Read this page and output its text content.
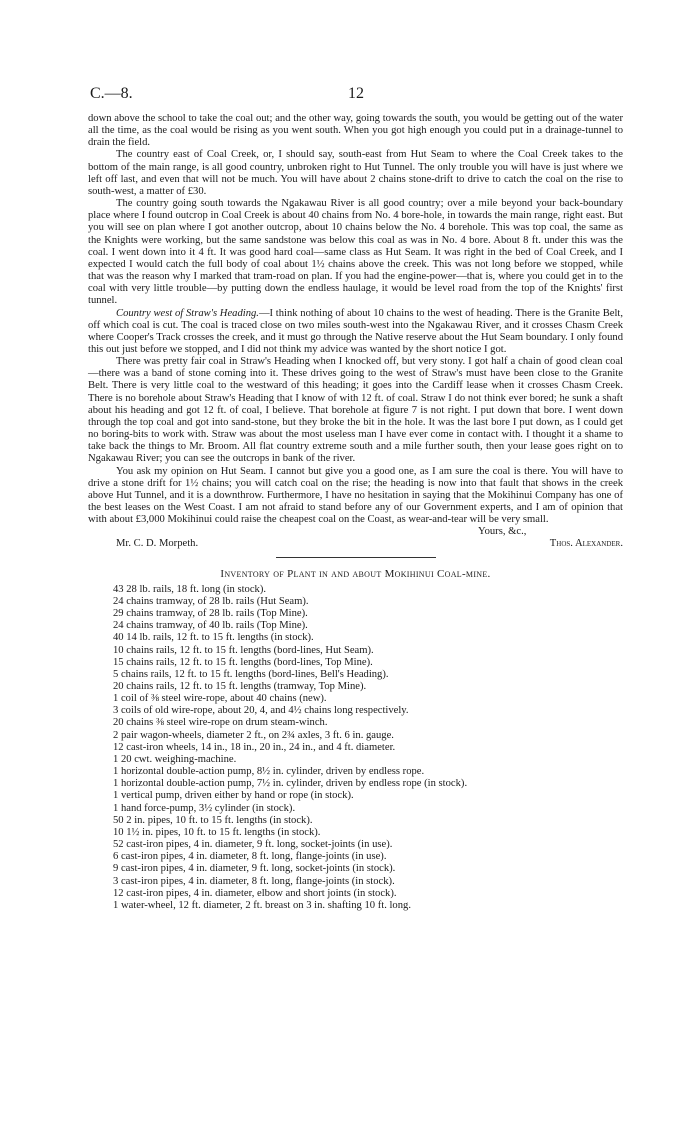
C.—8.	12

down above the school to take the coal out; and the other way, going towards the south, you would be getting out of the water all the time, as the coal would be rising as you went south. When you got high enough you could put in a drainage-tunnel to drain the field.

The country east of Coal Creek, or, I should say, south-east from Hut Seam to where the Coal Creek takes to the bottom of the main range, is all good country, unbroken right to Hut Tunnel. The only trouble you will have is just where we left off last, and even that will not be much. You will have about 2 chains stone-drift to drive to catch the coal on the rise to south-west, a matter of £30.

The country going south towards the Ngakawau River is all good country; over a mile beyond your back-boundary place where I found outcrop in Coal Creek is about 40 chains from No. 4 bore-hole, in towards the main range, right east. But you will see on plan where I got another outcrop, about 10 chains below the No. 4 borehole. This was top coal, the same as the Knights were working, but the same sandstone was below this coal as was in No. 4 bore. About 8 ft. under this was the coal. I went down into it 4 ft. It was good hard coal—same class as Hut Seam. It was right in the bed of Coal Creek, and I expected I would catch the full body of coal about 1½ chains above the creek. This was not long before we stopped, while that was the reason why I marked that tram-road on plan. If you had the engine-power—that is, where you could get in to the coal with very little trouble—by putting down the endless haulage, it would be level road from the top of the Knights' first tunnel.

Country west of Straw's Heading.—I think nothing of about 10 chains to the west of heading. There is the Granite Belt, off which coal is cut. The coal is traced close on two miles south-west into the Ngakawau River, and it crosses Chasm Creek where Cooper's Track crosses the creek, and it must go through the Native reserve about the Hut Seam boundary. I only found this out just before we stopped, and I did not think my advice was wanted by the short notice I got.

There was pretty fair coal in Straw's Heading when I knocked off, but very stony. I got half a chain of good clean coal—there was a band of stone coming into it. These drives going to the west of Straw's must have been close to the Granite Belt. There is very little coal to the westward of this heading; it goes into the Cardiff lease when it crosses Chasm Creek. There is no borehole about Straw's Heading that I know of with 12 ft. of coal. Straw I do not think ever bored; he sunk a shaft about his heading and got 12 ft. of coal, I believe. That borehole at figure 7 is not right. I put down that bore. I went down through the top coal and got into sand-stone, but they broke the bit in the hole. It was the last bore I put down, as I could get no boring-bits to work with. Straw was about the most useless man I have ever come in contact with. I thought it a shame to take back the things to Mr. Broom. All flat country extreme south and a mile further south, then your lease goes right on to Ngakawau River; you can see the outcrops in bank of the river.

You ask my opinion on Hut Seam. I cannot but give you a good one, as I am sure the coal is there. You will have to drive a stone drift for 1½ chains; you will catch coal on the rise; the heading is now into that fault that shows in the creek above Hut Tunnel, and it is a downthrow. Furthermore, I have no hesitation in saying that the Mokihinui Company has one of the best leases on the West Coast. I am not afraid to stand before any of our Government experts, and I am of opinion that with about £3,000 Mokihinui could raise the cheapest coal on the Coast, as wear-and-tear will be very small.

Yours, &c.,
Mr. C. D. Morpeth.	Thos. Alexander.
Inventory of Plant in and about Mokihinui Coal-mine.
43 28 lb. rails, 18 ft. long (in stock).
24 chains tramway, of 28 lb. rails (Hut Seam).
29 chains tramway, of 28 lb. rails (Top Mine).
24 chains tramway, of 40 lb. rails (Top Mine).
40 14 lb. rails, 12 ft. to 15 ft. lengths (in stock).
10 chains rails, 12 ft. to 15 ft. lengths (bord-lines, Hut Seam).
15 chains rails, 12 ft. to 15 ft. lengths (bord-lines, Top Mine).
5 chains rails, 12 ft. to 15 ft. lengths (bord-lines, Bell's Heading).
20 chains rails, 12 ft. to 15 ft. lengths (tramway, Top Mine).
1 coil of ⅜ steel wire-rope, about 40 chains (new).
3 coils of old wire-rope, about 20, 4, and 4½ chains long respectively.
20 chains ⅜ steel wire-rope on drum steam-winch.
2 pair wagon-wheels, diameter 2 ft., on 2¾ axles, 3 ft. 6 in. gauge.
12 cast-iron wheels, 14 in., 18 in., 20 in., 24 in., and 4 ft. diameter.
1 20 cwt. weighing-machine.
1 horizontal double-action pump, 8½ in. cylinder, driven by endless rope.
1 horizontal double-action pump, 7½ in. cylinder, driven by endless rope (in stock).
1 vertical pump, driven either by hand or rope (in stock).
1 hand force-pump, 3½ cylinder (in stock).
50 2 in. pipes, 10 ft. to 15 ft. lengths (in stock).
10 1½ in. pipes, 10 ft. to 15 ft. lengths (in stock).
52 cast-iron pipes, 4 in. diameter, 9 ft. long, socket-joints (in use).
6 cast-iron pipes, 4 in. diameter, 8 ft. long, flange-joints (in use).
9 cast-iron pipes, 4 in. diameter, 9 ft. long, socket-joints (in stock).
3 cast-iron pipes, 4 in. diameter, 8 ft. long, flange-joints (in stock).
12 cast-iron pipes, 4 in. diameter, elbow and short joints (in stock).
1 water-wheel, 12 ft. diameter, 2 ft. breast on 3 in. shafting 10 ft. long.
